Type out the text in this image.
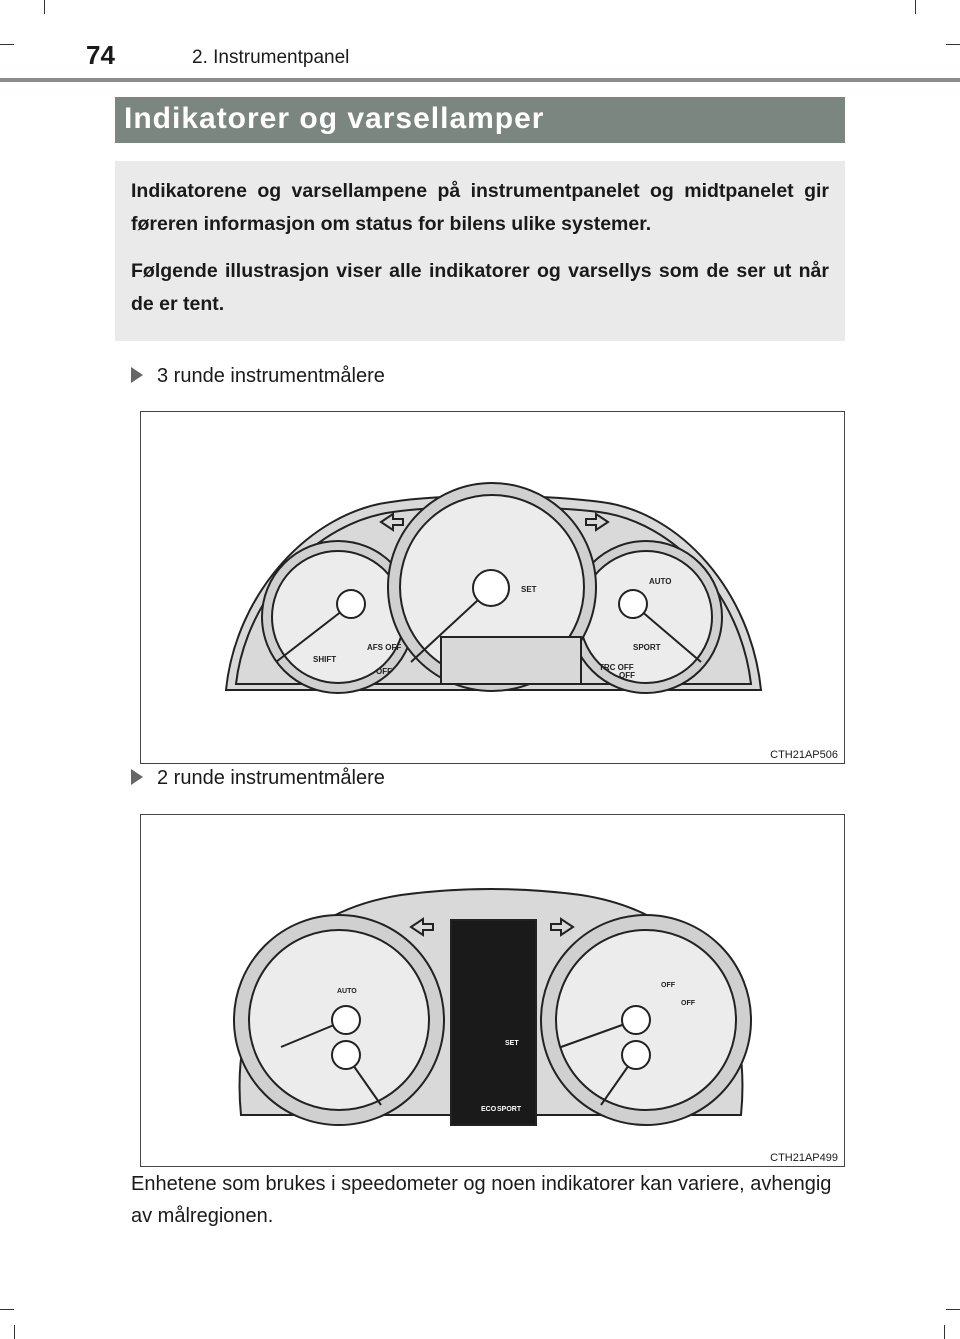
74	2. Instrumentpanel
Indikatorer og varsellamper

Indikatorene og varsellampene på instrumentpanelet og midtpanelet gir føreren informasjon om status for bilens ulike systemer.

Følgende illustrasjon viser alle indikatorer og varsellys som de ser ut når de er tent.

3 runde instrumentmålere
SHIFT
AFS OFF
OFF
SET
AUTO
SPORT
TRC OFF
OFF
CTH21AP506
2 runde instrumentmålere
SET
ECO SPORT
AUTO
OFF
OFF
CTH21AP499
Enhetene som brukes i speedometer og noen indikatorer kan variere, avhengig av målregionen.
